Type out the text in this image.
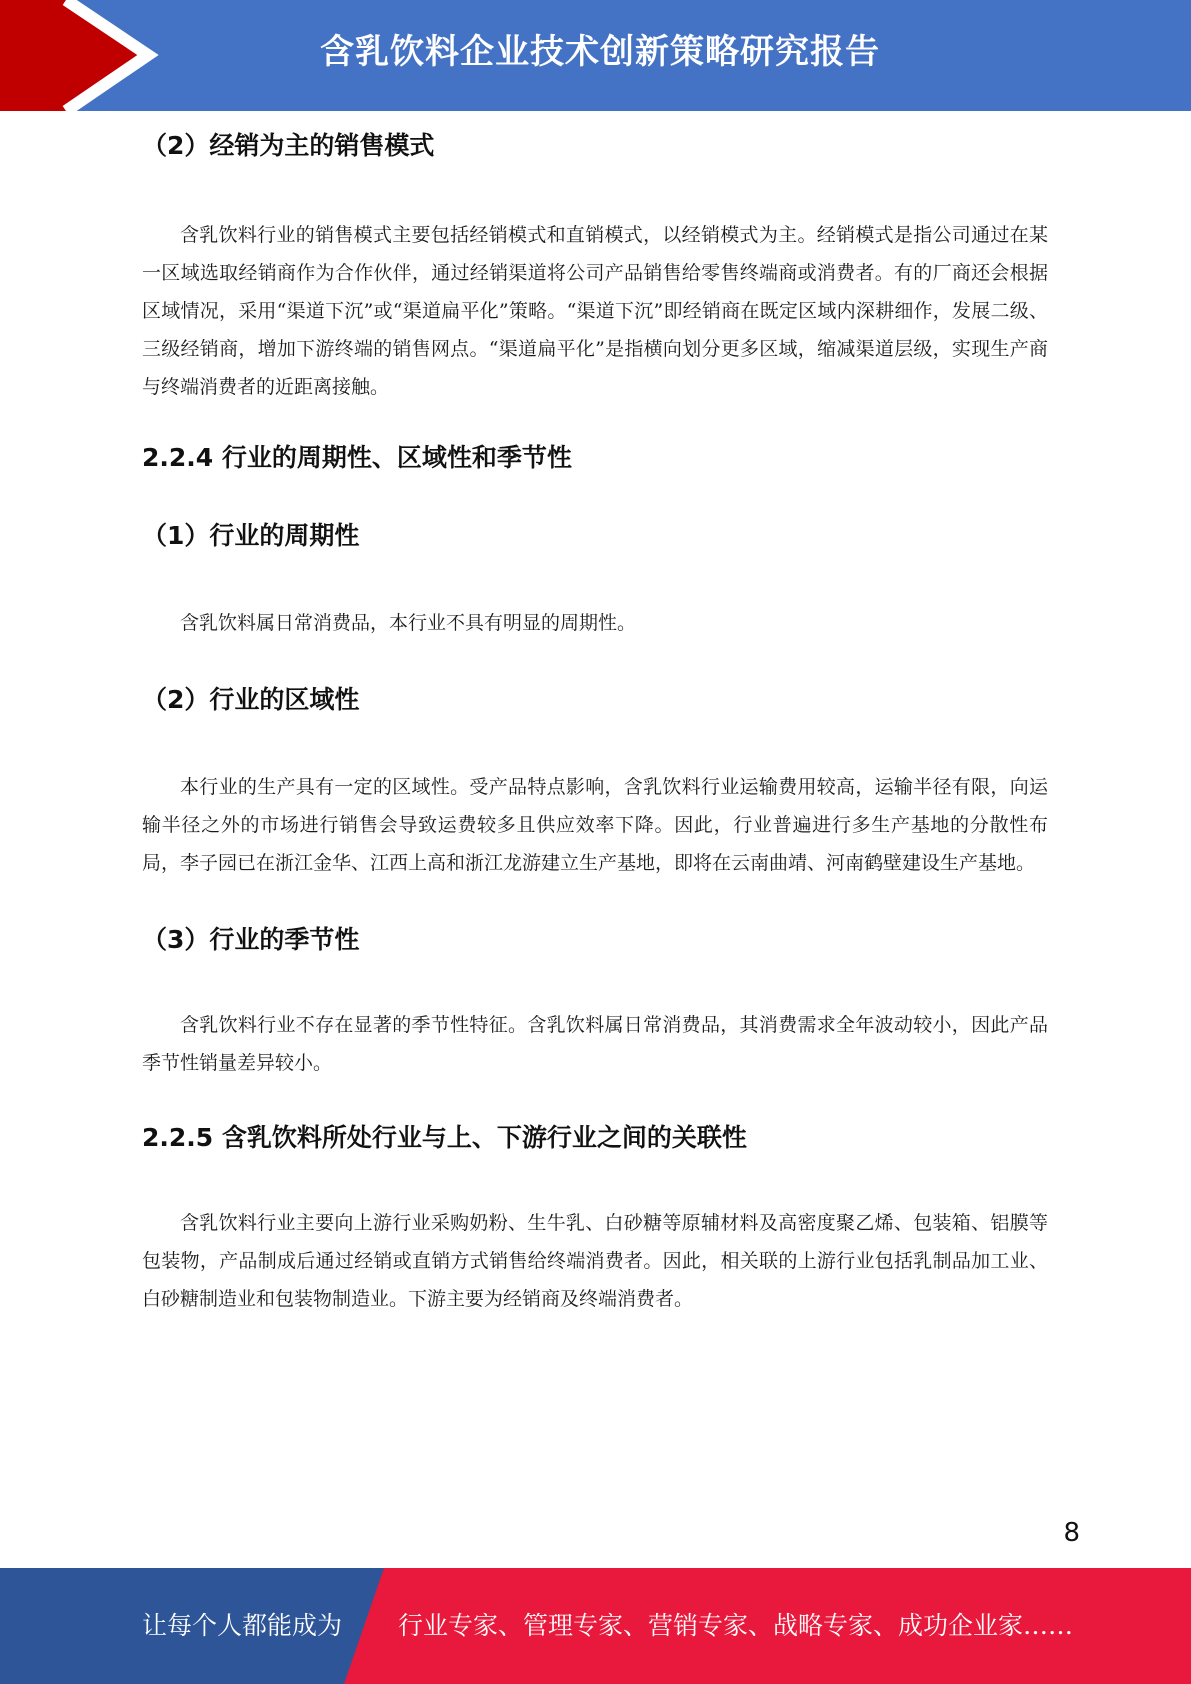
含乳饮料企业技术创新策略研究报告
（2）经销为主的销售模式

含乳饮料行业的销售模式主要包括经销模式和直销模式，以经销模式为主。经销模式是指公司通过在某一区域选取经销商作为合作伙伴，通过经销渠道将公司产品销售给零售终端商或消费者。有的厂商还会根据区域情况，采用“渠道下沉”或“渠道扁平化”策略。“渠道下沉”即经销商在既定区域内深耕细作，发展二级、三级经销商，增加下游终端的销售网点。“渠道扁平化”是指横向划分更多区域，缩减渠道层级，实现生产商与终端消费者的近距离接触。

2.2.4 行业的周期性、区域性和季节性
（1）行业的周期性

含乳饮料属日常消费品，本行业不具有明显的周期性。

（2）行业的区域性

本行业的生产具有一定的区域性。受产品特点影响，含乳饮料行业运输费用较高，运输半径有限，向运输半径之外的市场进行销售会导致运费较多且供应效率下降。因此，行业普遍进行多生产基地的分散性布局，李子园已在浙江金华、江西上高和浙江龙游建立生产基地，即将在云南曲靖、河南鹤壁建设生产基地。

（3）行业的季节性

含乳饮料行业不存在显著的季节性特征。含乳饮料属日常消费品，其消费需求全年波动较小，因此产品季节性销量差异较小。

2.2.5 含乳饮料所处行业与上、下游行业之间的关联性

含乳饮料行业主要向上游行业采购奶粉、生牛乳、白砂糖等原辅材料及高密度聚乙烯、包装箱、铝膜等包装物，产品制成后通过经销或直销方式销售给终端消费者。因此，相关联的上游行业包括乳制品加工业、白砂糖制造业和包装物制造业。下游主要为经销商及终端消费者。

8
让每个人都能成为 行业专家、管理专家、营销专家、战略专家、成功企业家……
